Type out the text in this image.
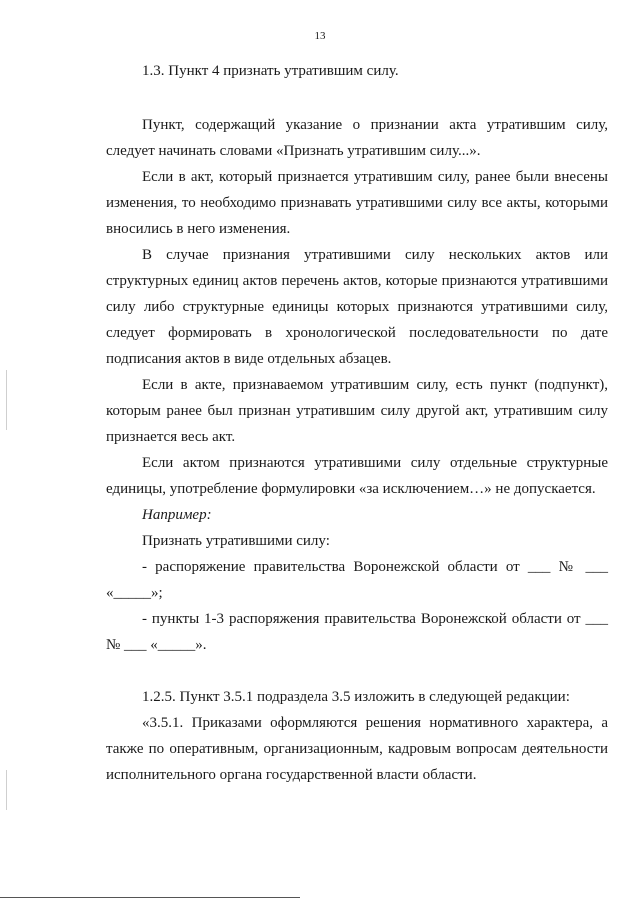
13

1.3. Пункт 4 признать утратившим силу.

Пункт, содержащий указание о признании акта утратившим силу, следует начинать словами «Признать утратившим силу...».

Если в акт, который признается утратившим силу, ранее были внесены изменения, то необходимо признавать утратившими силу все акты, которыми вносились в него изменения.

В случае признания утратившими силу нескольких актов или структурных единиц актов перечень актов, которые признаются утратившими силу либо структурные единицы которых признаются утратившими силу, следует формировать в хронологической последовательности по дате подписания актов в виде отдельных абзацев.

Если в акте, признаваемом утратившим силу, есть пункт (подпункт), которым ранее был признан утратившим силу другой акт, утратившим силу признается весь акт.

Если актом признаются утратившими силу отдельные структурные единицы, употребление формулировки «за исключением…» не допускается.

Например:

Признать утратившими силу:

- распоряжение правительства Воронежской области от ___ № ___ «_____»;

- пункты 1-3 распоряжения правительства Воронежской области от ___ № ___ «_____».

1.2.5. Пункт 3.5.1 подраздела 3.5 изложить в следующей редакции:

«3.5.1. Приказами оформляются решения нормативного характера, а также по оперативным, организационным, кадровым вопросам деятельности исполнительного органа государственной власти области.
